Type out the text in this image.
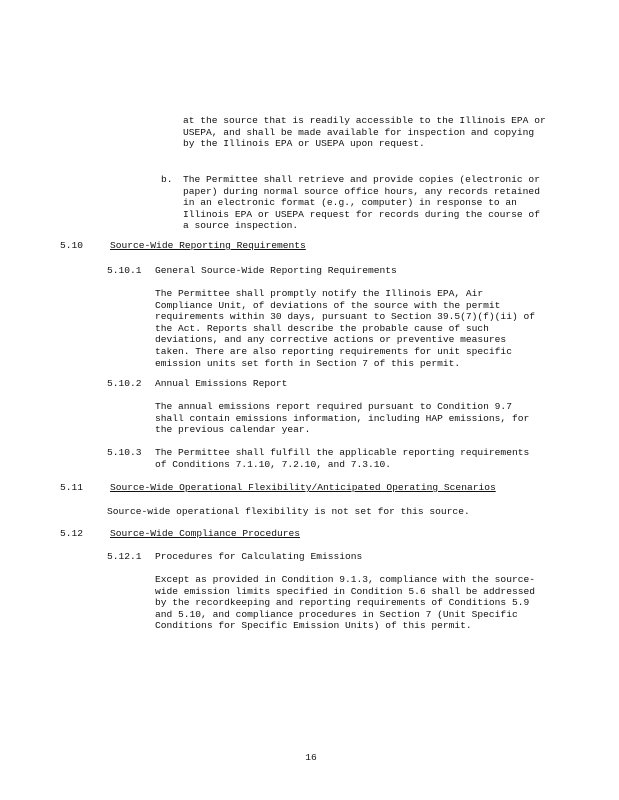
at the source that is readily accessible to the Illinois EPA or USEPA, and shall be made available for inspection and copying by the Illinois EPA or USEPA upon request.

b. The Permittee shall retrieve and provide copies (electronic or paper) during normal source office hours, any records retained in an electronic format (e.g., computer) in response to an Illinois EPA or USEPA request for records during the course of a source inspection.
5.10	Source-Wide Reporting Requirements
5.10.1	General Source-Wide Reporting Requirements

The Permittee shall promptly notify the Illinois EPA, Air Compliance Unit, of deviations of the source with the permit requirements within 30 days, pursuant to Section 39.5(7)(f)(ii) of the Act. Reports shall describe the probable cause of such deviations, and any corrective actions or preventive measures taken. There are also reporting requirements for unit specific emission units set forth in Section 7 of this permit.

5.10.2	Annual Emissions Report

The annual emissions report required pursuant to Condition 9.7 shall contain emissions information, including HAP emissions, for the previous calendar year.

5.10.3	The Permittee shall fulfill the applicable reporting requirements of Conditions 7.1.10, 7.2.10, and 7.3.10.
5.11	Source-Wide Operational Flexibility/Anticipated Operating Scenarios

Source-wide operational flexibility is not set for this source.

5.12	Source-Wide Compliance Procedures
5.12.1	Procedures for Calculating Emissions

Except as provided in Condition 9.1.3, compliance with the source-wide emission limits specified in Condition 5.6 shall be addressed by the recordkeeping and reporting requirements of Conditions 5.9 and 5.10, and compliance procedures in Section 7 (Unit Specific Conditions for Specific Emission Units) of this permit.

16
